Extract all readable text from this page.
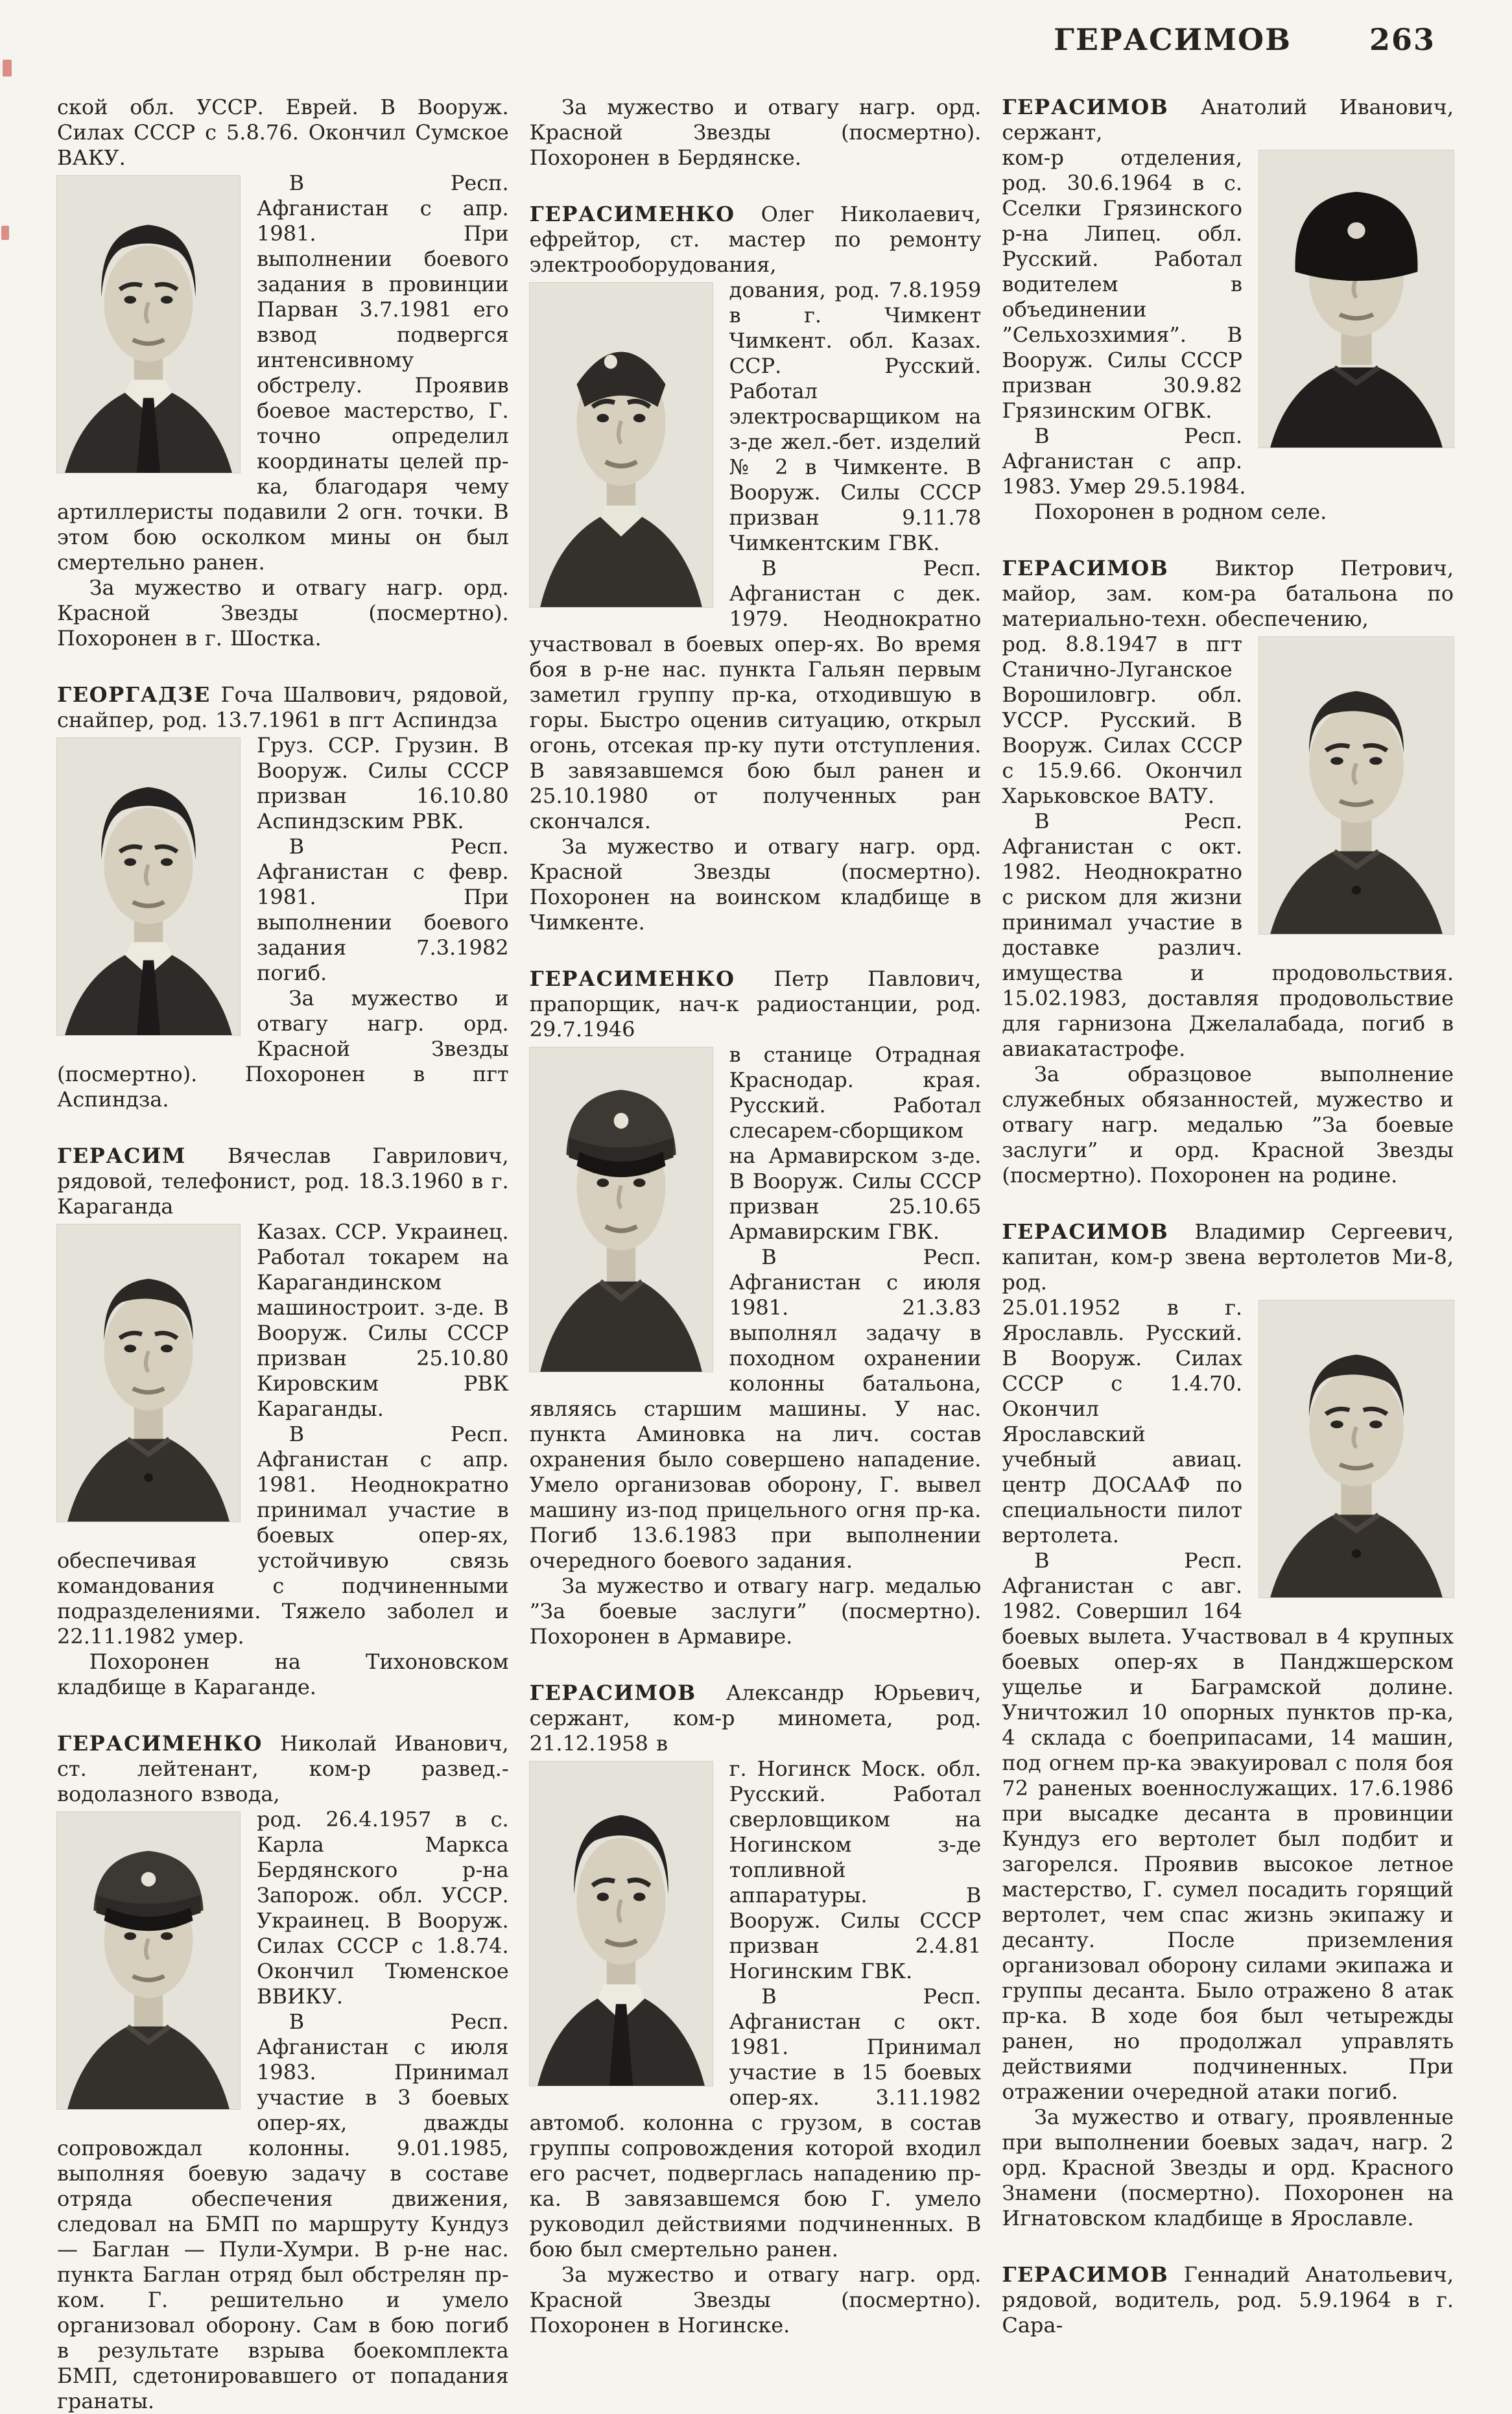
ГЕРАСИМОВ	263

ской обл. УССР. Еврей. В Вооруж. Силах СССР с 5.8.76. Окончил Сумское ВАКУ.

В Респ. Афганистан с апр. 1981. При выполнении боевого задания в провинции Парван 3.7.1981 его взвод подвергся интенсивному обстрелу. Проявив боевое мастерство, Г. точно определил координаты целей пр-ка, благодаря чему артиллеристы подавили 2 огн. точки. В этом бою осколком мины он был смертельно ранен.

За мужество и отвагу нагр. орд. Красной Звезды (посмертно). Похоронен в г. Шостка.

ГЕОРГАДЗЕ Гоча Шалвович, рядовой, снайпер, род. 13.7.1961 в пгт Аспиндза

Груз. ССР. Грузин. В Вооруж. Силы СССР призван 16.10.80 Аспиндзским РВК.

В Респ. Афганистан с февр. 1981. При выполнении боевого задания 7.3.1982 погиб.

За мужество и отвагу нагр. орд. Красной Звезды (посмертно). Похоронен в пгт Аспиндза.

ГЕРАСИМ Вячеслав Гаврилович, рядовой, телефонист, род. 18.3.1960 в г. Караганда

Казах. ССР. Украинец. Работал токарем на Карагандинском машиностроит. з-де. В Вооруж. Силы СССР призван 25.10.80 Кировским РВК Караганды.

В Респ. Афганистан с апр. 1981. Неоднократно принимал участие в боевых опер-ях, обеспечивая устойчивую связь командования с подчиненными подразделениями. Тяжело заболел и 22.11.1982 умер.

Похоронен на Тихоновском кладбище в Караганде.

ГЕРАСИМЕНКО Николай Иванович, ст. лейтенант, ком-р развед.-водолазного взвода,

род. 26.4.1957 в с. Карла Маркса Бердянского р-на Запорож. обл. УССР. Украинец. В Вооруж. Силах СССР с 1.8.74. Окончил Тюменское ВВИКУ.

В Респ. Афганистан с июля 1983. Принимал участие в 3 боевых опер-ях, дважды сопровождал колонны. 9.01.1985, выполняя боевую задачу в составе отряда обеспечения движения, следовал на БМП по маршруту Кундуз — Баглан — Пули-Хумри. В р-не нас. пункта Баглан отряд был обстрелян пр-ком. Г. решительно и умело организовал оборону. Сам в бою погиб в результате взрыва боекомплекта БМП, сдетонировавшего от попадания гранаты.

За мужество и отвагу нагр. орд. Красной Звезды (посмертно). Похоронен в Бердянске.

ГЕРАСИМЕНКО Олег Николаевич, ефрейтор, ст. мастер по ремонту электрооборудования,

дования, род. 7.8.1959 в г. Чимкент Чимкент. обл. Казах. ССР. Русский. Работал электросварщиком на з-де жел.-бет. изделий № 2 в Чимкенте. В Вооруж. Силы СССР призван 9.11.78 Чимкентским ГВК.

В Респ. Афганистан с дек. 1979. Неоднократно участвовал в боевых опер-ях. Во время боя в р-не нас. пункта Гальян первым заметил группу пр-ка, отходившую в горы. Быстро оценив ситуацию, открыл огонь, отсекая пр-ку пути отступления. В завязавшемся бою был ранен и 25.10.1980 от полученных ран скончался.

За мужество и отвагу нагр. орд. Красной Звезды (посмертно). Похоронен на воинском кладбище в Чимкенте.

ГЕРАСИМЕНКО Петр Павлович, прапорщик, нач-к радиостанции, род. 29.7.1946

в станице Отрадная Краснодар. края. Русский. Работал слесарем-сборщиком на Армавирском з-де. В Вооруж. Силы СССР призван 25.10.65 Армавирским ГВК.

В Респ. Афганистан с июля 1981. 21.3.83 выполнял задачу в походном охранении колонны батальона, являясь старшим машины. У нас. пункта Аминовка на лич. состав охранения было совершено нападение. Умело организовав оборону, Г. вывел машину из-под прицельного огня пр-ка. Погиб 13.6.1983 при выполнении очередного боевого задания.

За мужество и отвагу нагр. медалью ”За боевые заслуги” (посмертно). Похоронен в Армавире.

ГЕРАСИМОВ Александр Юрьевич, сержант, ком-р миномета, род. 21.12.1958 в

г. Ногинск Моск. обл. Русский. Работал сверловщиком на Ногинском з-де топливной аппаратуры. В Вооруж. Силы СССР призван 2.4.81 Ногинским ГВК.

В Респ. Афганистан с окт. 1981. Принимал участие в 15 боевых опер-ях. 3.11.1982 автомоб. колонна с грузом, в состав группы сопровождения которой входил его расчет, подверглась нападению пр-ка. В завязавшемся бою Г. умело руководил действиями подчиненных. В бою был смертельно ранен.

За мужество и отвагу нагр. орд. Красной Звезды (посмертно). Похоронен в Ногинске.

ГЕРАСИМОВ Анатолий Иванович, сержант,

ком-р отделения, род. 30.6.1964 в с. Сселки Грязинского р-на Липец. обл. Русский. Работал водителем в объединении ”Сельхозхимия”. В Вооруж. Силы СССР призван 30.9.82 Грязинским ОГВК.

В Респ. Афганистан с апр. 1983. Умер 29.5.1984.

Похоронен в родном селе.

ГЕРАСИМОВ Виктор Петрович, майор, зам. ком-ра батальона по материально-техн. обеспечению,

род. 8.8.1947 в пгт Станично-Луганское Ворошиловгр. обл. УССР. Русский. В Вооруж. Силах СССР с 15.9.66. Окончил Харьковское ВАТУ.

В Респ. Афганистан с окт. 1982. Неоднократно с риском для жизни принимал участие в доставке различ. имущества и продовольствия. 15.02.1983, доставляя продовольствие для гарнизона Джелалабада, погиб в авиакатастрофе.

За образцовое выполнение служебных обязанностей, мужество и отвагу нагр. медалью ”За боевые заслуги” и орд. Красной Звезды (посмертно). Похоронен на родине.

ГЕРАСИМОВ Владимир Сергеевич, капитан, ком-р звена вертолетов Ми-8, род.

25.01.1952 в г. Ярославль. Русский. В Вооруж. Силах СССР с 1.4.70. Окончил Ярославский учебный авиац. центр ДОСААФ по специальности пилот вертолета.

В Респ. Афганистан с авг. 1982. Совершил 164 боевых вылета. Участвовал в 4 крупных боевых опер-ях в Панджшерском ущелье и Баграмской долине. Уничтожил 10 опорных пунктов пр-ка, 4 склада с боеприпасами, 14 машин, под огнем пр-ка эвакуировал с поля боя 72 раненых военнослужащих. 17.6.1986 при высадке десанта в провинции Кундуз его вертолет был подбит и загорелся. Проявив высокое летное мастерство, Г. сумел посадить горящий вертолет, чем спас жизнь экипажу и десанту. После приземления организовал оборону силами экипажа и группы десанта. Было отражено 8 атак пр-ка. В ходе боя был четырежды ранен, но продолжал управлять действиями подчиненных. При отражении очередной атаки погиб.

За мужество и отвагу, проявленные при выполнении боевых задач, нагр. 2 орд. Красной Звезды и орд. Красного Знамени (посмертно). Похоронен на Игнатовском кладбище в Ярославле.

ГЕРАСИМОВ Геннадий Анатольевич, рядовой, водитель, род. 5.9.1964 в г. Сара-
